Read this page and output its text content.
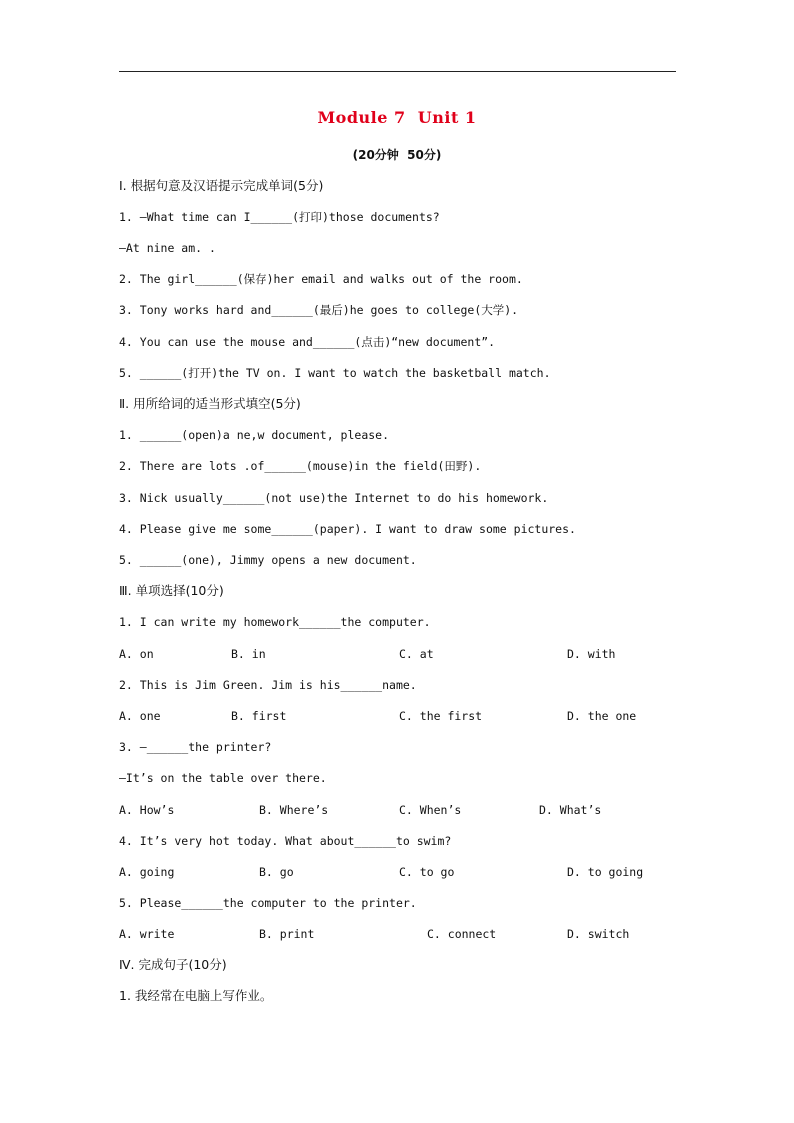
Module 7  Unit 1
(20分钟  50分)
Ⅰ. 根据句意及汉语提示完成单词(5分)
1. —What time can I______(打印)those documents?
—At nine am. .
2. The girl______(保存)her email and walks out of the room.
3. Tony works hard and______(最后)he goes to college(大学).
4. You can use the mouse and______(点击)“new document”.
5. ______(打开)the TV on. I want to watch the basketball match.
Ⅱ. 用所给词的适当形式填空(5分)
1. ______(open)a ne,w document, please.
2. There are lots .of______(mouse)in the field(田野).
3. Nick usually______(not use)the Internet to do his homework.
4. Please give me some______(paper). I want to draw some pictures.
5. ______(one), Jimmy opens a new document.
Ⅲ. 单项选择(10分)
1. I can write my homework______the computer.
A. on	B. in	C. at	D. with
2. This is Jim Green. Jim is his______name.
A. one	B. first	C. the first	D. the one
3. —______the printer?
—It’s on the table over there.
A. How’s	B. Where’s	C. When’s	D. What’s
4. It’s very hot today. What about______to swim?
A. going	B. go	C. to go	D. to going
5. Please______the computer to the printer.
A. write	B. print	C. connect	D. switch
Ⅳ. 完成句子(10分)
1. 我经常在电脑上写作业。
